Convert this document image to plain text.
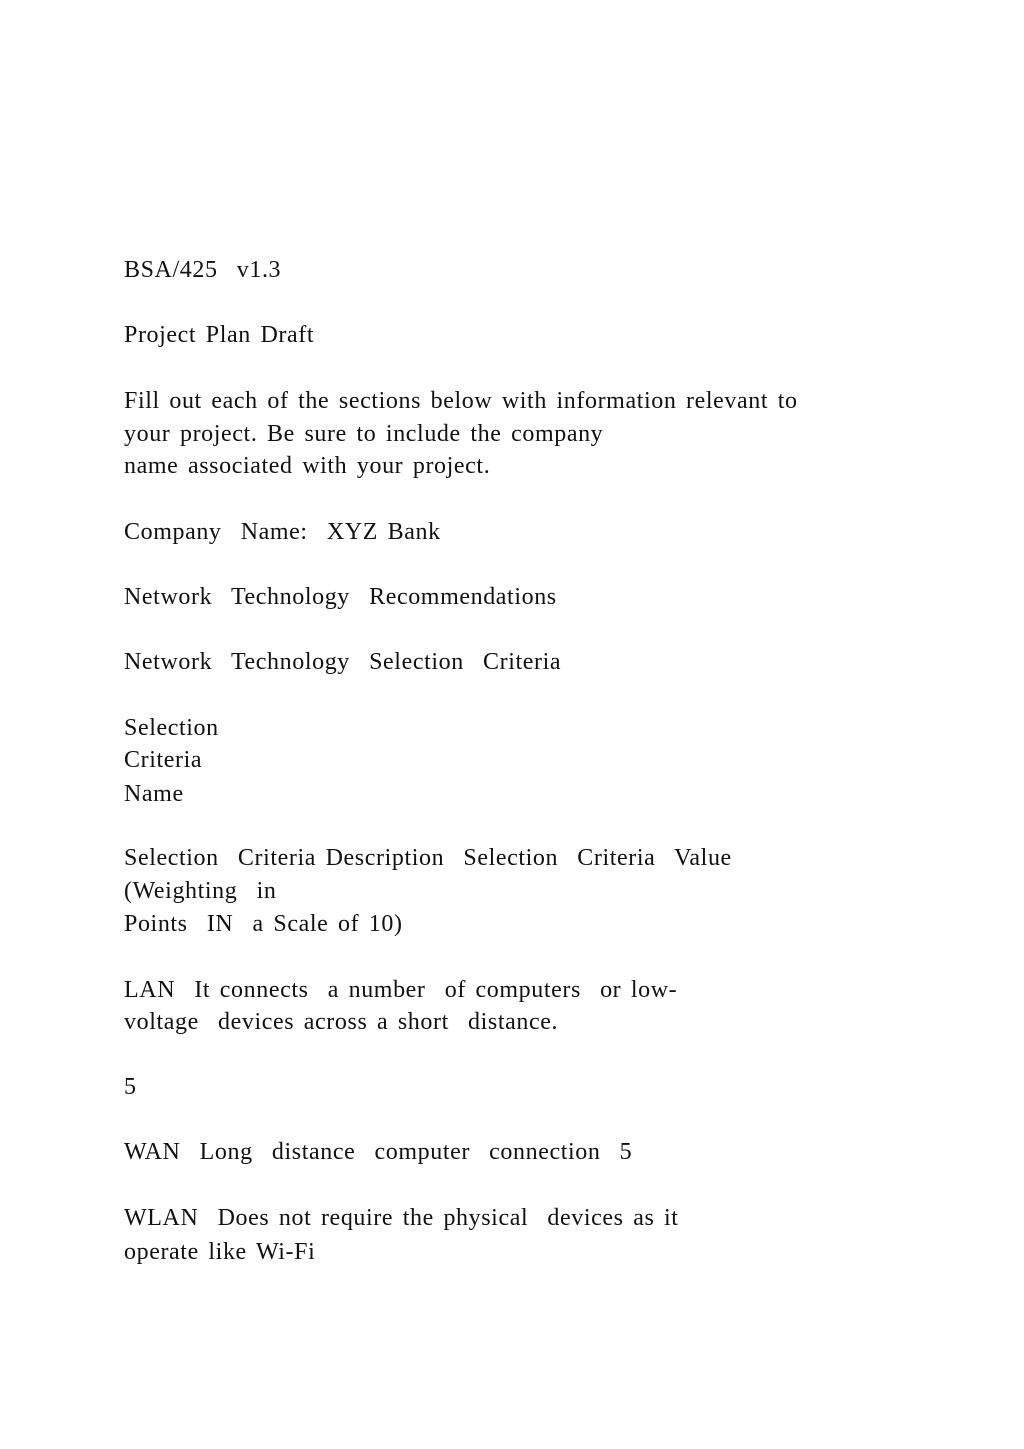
BSA/425  v1.3

Project Plan Draft

Fill out each of the sections below with information relevant to

your project. Be sure to include the company

name associated with your project.

Company  Name:  XYZ Bank

Network  Technology  Recommendations

Network  Technology  Selection  Criteria

Selection

Criteria

Name

Selection  Criteria Description  Selection  Criteria  Value

(Weighting  in

Points  IN  a Scale of 10)

LAN  It connects  a number  of computers  or low-

voltage  devices across a short  distance.

5

WAN  Long  distance  computer  connection  5

WLAN  Does not require the physical  devices as it

operate like Wi-Fi
